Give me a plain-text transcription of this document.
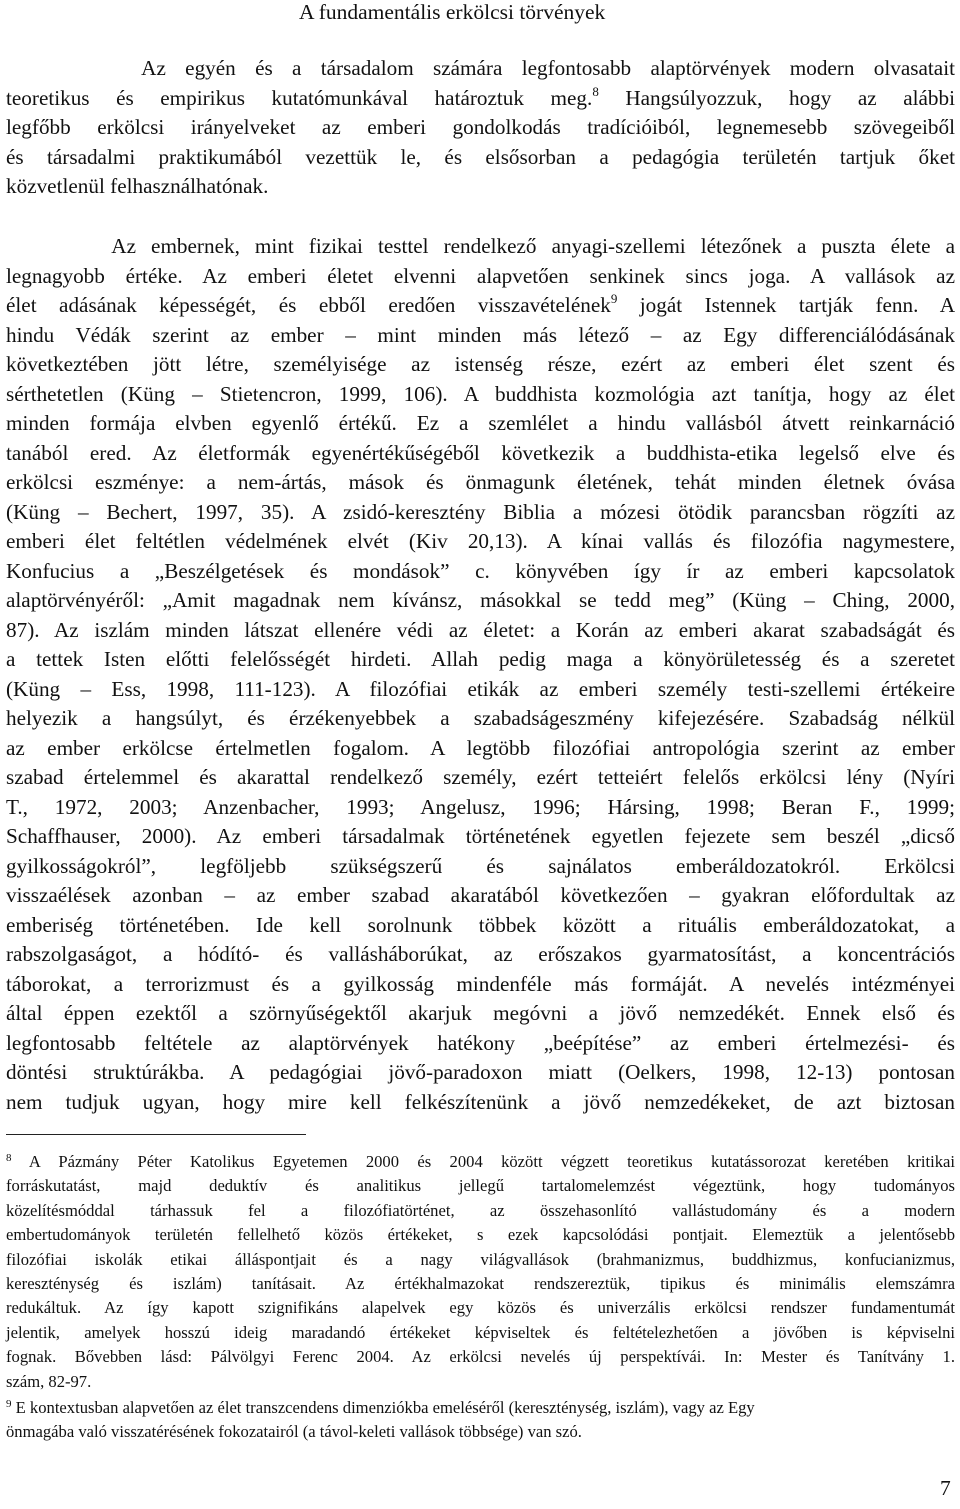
A fundamentális erkölcsi törvények
Az egyén és a társadalom számára legfontosabb alaptörvények modern olvasatait
teoretikus és empirikus kutatómunkával határoztuk meg.$^8$ Hangsúlyozzuk, hogy az alábbi
legfőbb erkölcsi irányelveket az emberi gondolkodás tradícióiból, legnemesebb szövegeiből
és társadalmi praktikumából vezettük le, és elsősorban a pedagógia területén tartjuk őket
közvetlenül felhasználhatónak.
Az embernek, mint fizikai testtel rendelkező anyagi-szellemi létezőnek a puszta élete a
legnagyobb értéke. Az emberi életet elvenni alapvetően senkinek sincs joga. A vallások az
élet adásának képességét, és ebből eredően visszavételének$^9$ jogát Istennek tartják fenn. A
hindu Védák szerint az ember – mint minden más létező – az Egy differenciálódásának
következtében jött létre, személyisége az istenség része, ezért az emberi élet szent és
sérthetetlen (Küng – Stietencron, 1999, 106). A buddhista kozmológia azt tanítja, hogy az élet
minden formája elvben egyenlő értékű. Ez a szemlélet a hindu vallásból átvett reinkarnáció
tanából ered. Az életformák egyenértékűségéből következik a buddhista-etika legelső elve és
erkölcsi eszménye: a nem-ártás, mások és önmagunk életének, tehát minden életnek óvása
(Küng – Bechert, 1997, 35). A zsidó-keresztény Biblia a mózesi ötödik parancsban rögzíti az
emberi élet feltétlen védelmének elvét (Kiv 20,13). A kínai vallás és filozófia nagymestere,
Konfucius a „Beszélgetések és mondások” c. könyvében így ír az emberi kapcsolatok
alaptörvényéről: „Amit magadnak nem kívánsz, másokkal se tedd meg” (Küng – Ching, 2000,
87). Az iszlám minden látszat ellenére védi az életet: a Korán az emberi akarat szabadságát és
a tettek Isten előtti felelősségét hirdeti. Allah pedig maga a könyörületesség és a szeretet
(Küng – Ess, 1998, 111-123). A filozófiai etikák az emberi személy testi-szellemi értékeire
helyezik a hangsúlyt, és érzékenyebbek a szabadságeszmény kifejezésére. Szabadság nélkül
az ember erkölcse értelmetlen fogalom. A legtöbb filozófiai antropológia szerint az ember
szabad értelemmel és akarattal rendelkező személy, ezért tetteiért felelős erkölcsi lény (Nyíri
T., 1972, 2003; Anzenbacher, 1993; Angelusz, 1996; Hársing, 1998; Beran F., 1999;
Schaffhauser, 2000). Az emberi társadalmak történetének egyetlen fejezete sem beszél „dicső
gyilkosságokról”, legföljebb szükségszerű és sajnálatos emberáldozatokról. Erkölcsi
visszaélések azonban – az ember szabad akaratából következően – gyakran előfordultak az
emberiség történetében. Ide kell sorolnunk többek között a rituális emberáldozatokat, a
rabszolgaságot, a hódító- és vallásháborúkat, az erőszakos gyarmatosítást, a koncentrációs
táborokat, a terrorizmust és a gyilkosság mindenféle más formáját. A nevelés intézményei
által éppen ezektől a szörnyűségektől akarjuk megóvni a jövő nemzedékét. Ennek első és
legfontosabb feltétele az alaptörvények hatékony „beépítése” az emberi értelmezési- és
döntési struktúrákba. A pedagógiai jövő-paradoxon miatt (Oelkers, 1998, 12-13) pontosan
nem tudjuk ugyan, hogy mire kell felkészítenünk a jövő nemzedékeket, de azt biztosan
$^8$ A Pázmány Péter Katolikus Egyetemen 2000 és 2004 között végzett teoretikus kutatássorozat keretében kritikai
forráskutatást, majd deduktív és analitikus jellegű tartalomelemzést végeztünk, hogy tudományos
közelítésmóddal tárhassuk fel a filozófiatörténet, az összehasonlító vallástudomány és a modern
embertudományok területén fellelhető közös értékeket, s ezek kapcsolódási pontjait. Elemeztük a jelentősebb
filozófiai iskolák etikai álláspontjait és a nagy világvallások (brahmanizmus, buddhizmus, konfucianizmus,
kereszténység és iszlám) tanításait. Az értékhalmazokat rendszereztük, tipikus és minimális elemszámra
redukáltuk. Az így kapott szignifikáns alapelvek egy közös és univerzális erkölcsi rendszer fundamentumát
jelentik, amelyek hosszú ideig maradandó értékeket képviseltek és feltételezhetően a jövőben is képviselni
fognak. Bővebben lásd: Pálvölgyi Ferenc 2004. Az erkölcsi nevelés új perspektívái. In: Mester és Tanítvány 1.
szám, 82-97.
$^9$ E kontextusban alapvetően az élet transzcendens dimenziókba emeléséről (kereszténység, iszlám), vagy az Egy
önmagába való visszatérésének fokozatairól (a távol-keleti vallások többsége) van szó.
7
